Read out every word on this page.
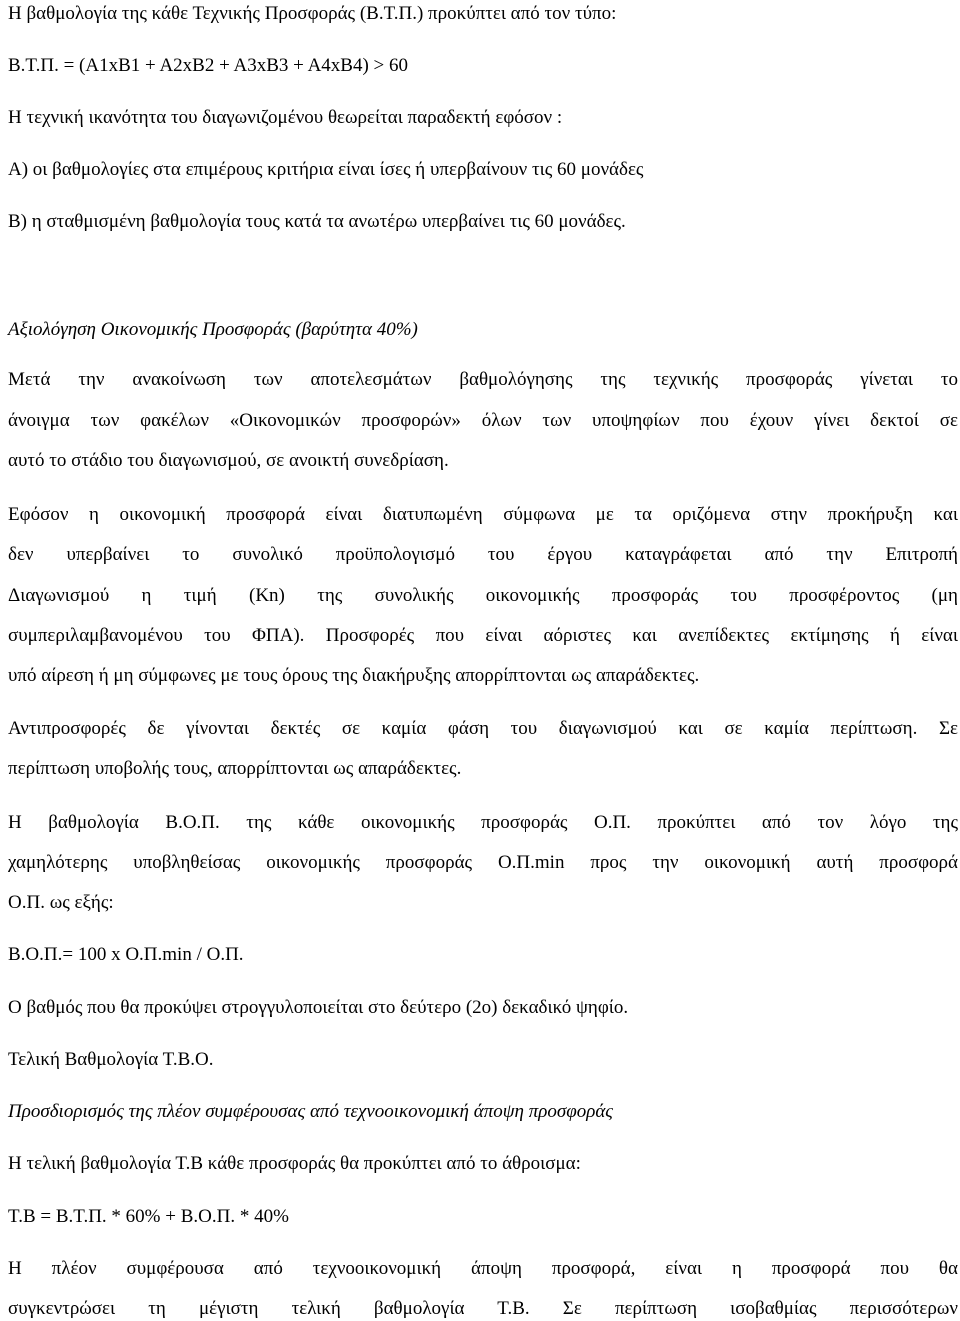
Η βαθμολογία της κάθε Τεχνικής Προσφοράς (Β.Τ.Π.) προκύπτει από τον τύπο:
Β.Τ.Π. = (Α1xΒ1 + Α2xΒ2 + Α3xΒ3 + Α4xΒ4) > 60
Η τεχνική ικανότητα του διαγωνιζομένου θεωρείται παραδεκτή εφόσον :
Α) οι βαθμολογίες στα επιμέρους κριτήρια είναι ίσες ή υπερβαίνουν τις 60 μονάδες
Β) η σταθμισμένη βαθμολογία τους κατά τα ανωτέρω υπερβαίνει τις 60 μονάδες.
Αξιολόγηση Οικονομικής Προσφοράς (βαρύτητα 40%)
Μετά την ανακοίνωση των αποτελεσμάτων βαθμολόγησης της τεχνικής προσφοράς γίνεται το
άνοιγμα των φακέλων «Οικονομικών προσφορών» όλων των υποψηφίων που έχουν γίνει δεκτοί σε
αυτό το στάδιο του διαγωνισμού, σε ανοικτή συνεδρίαση.
Εφόσον η οικονομική προσφορά είναι διατυπωμένη σύμφωνα με τα οριζόμενα στην προκήρυξη και
δεν υπερβαίνει το συνολικό προϋπολογισμό του έργου καταγράφεται από την Επιτροπή
Διαγωνισμού η τιμή (Κn) της συνολικής οικονομικής προσφοράς του προσφέροντος (μη
συμπεριλαμβανομένου του ΦΠΑ). Προσφορές που είναι αόριστες και ανεπίδεκτες εκτίμησης ή είναι
υπό αίρεση ή μη σύμφωνες με τους όρους της διακήρυξης απορρίπτονται ως απαράδεκτες.
Αντιπροσφορές δε γίνονται δεκτές σε καμία φάση του διαγωνισμού και σε καμία περίπτωση. Σε
περίπτωση υποβολής τους, απορρίπτονται ως απαράδεκτες.
Η βαθμολογία Β.Ο.Π. της κάθε οικονομικής προσφοράς Ο.Π. προκύπτει από τον λόγο της
χαμηλότερης υποβληθείσας οικονομικής προσφοράς Ο.Π.min προς την οικονομική αυτή προσφορά
Ο.Π. ως εξής:
Β.Ο.Π.= 100 x Ο.Π.min / Ο.Π.
Ο βαθμός που θα προκύψει στρογγυλοποιείται στο δεύτερο (2ο) δεκαδικό ψηφίο.
Τελική Βαθμολογία Τ.Β.Ο.
Προσδιορισμός της πλέον συμφέρουσας από τεχνοοικονομική άποψη προσφοράς
Η τελική βαθμολογία Τ.Β κάθε προσφοράς θα προκύπτει από το άθροισμα:
Τ.Β = Β.Τ.Π. * 60% + Β.Ο.Π. * 40%
Η πλέον συμφέρουσα από τεχνοοικονομική άποψη προσφορά, είναι η προσφορά που θα
συγκεντρώσει τη μέγιστη τελική βαθμολογία Τ.Β. Σε περίπτωση ισοβαθμίας περισσότερων
